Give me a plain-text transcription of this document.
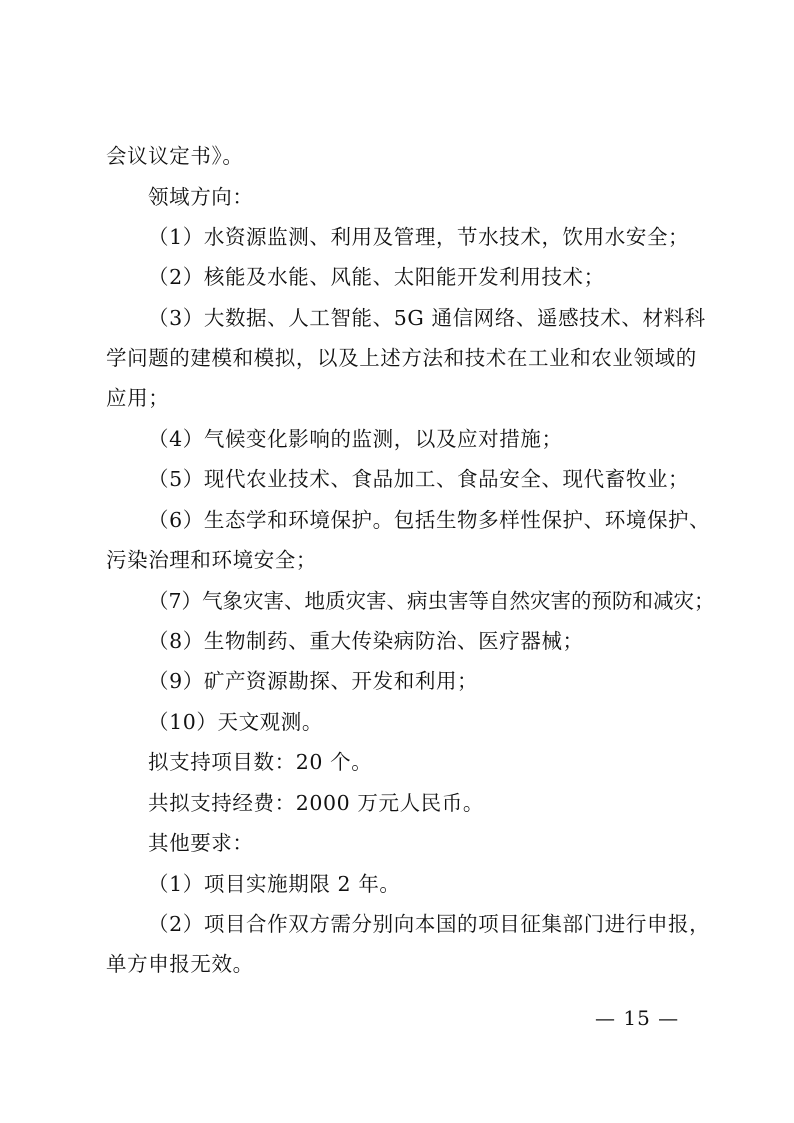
会议议定书》。
领域方向：
（1）水资源监测、利用及管理，节水技术，饮用水安全；
（2）核能及水能、风能、太阳能开发利用技术；
（3）大数据、人工智能、5G 通信网络、遥感技术、材料科
学问题的建模和模拟，以及上述方法和技术在工业和农业领域的
应用；
（4）气候变化影响的监测，以及应对措施；
（5）现代农业技术、食品加工、食品安全、现代畜牧业；
（6）生态学和环境保护。包括生物多样性保护、环境保护、
污染治理和环境安全；
（7）气象灾害、地质灾害、病虫害等自然灾害的预防和减灾；
（8）生物制药、重大传染病防治、医疗器械；
（9）矿产资源勘探、开发和利用；
（10）天文观测。
拟支持项目数：20 个。
共拟支持经费：2000 万元人民币。
其他要求：
（1）项目实施期限 2 年。
（2）项目合作双方需分别向本国的项目征集部门进行申报，
单方申报无效。
— 15 —
